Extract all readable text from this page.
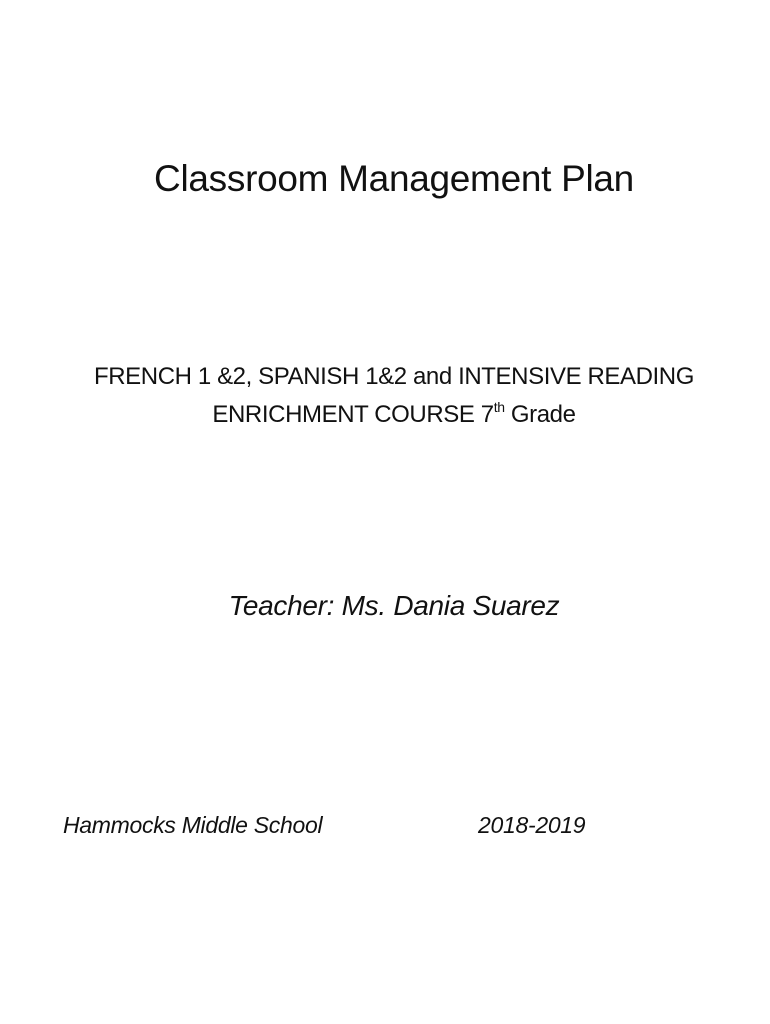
Classroom Management Plan
FRENCH 1 &2, SPANISH 1&2 and INTENSIVE READING
ENRICHMENT COURSE 7th Grade
Teacher: Ms. Dania Suarez
Hammocks Middle School	2018-2019
